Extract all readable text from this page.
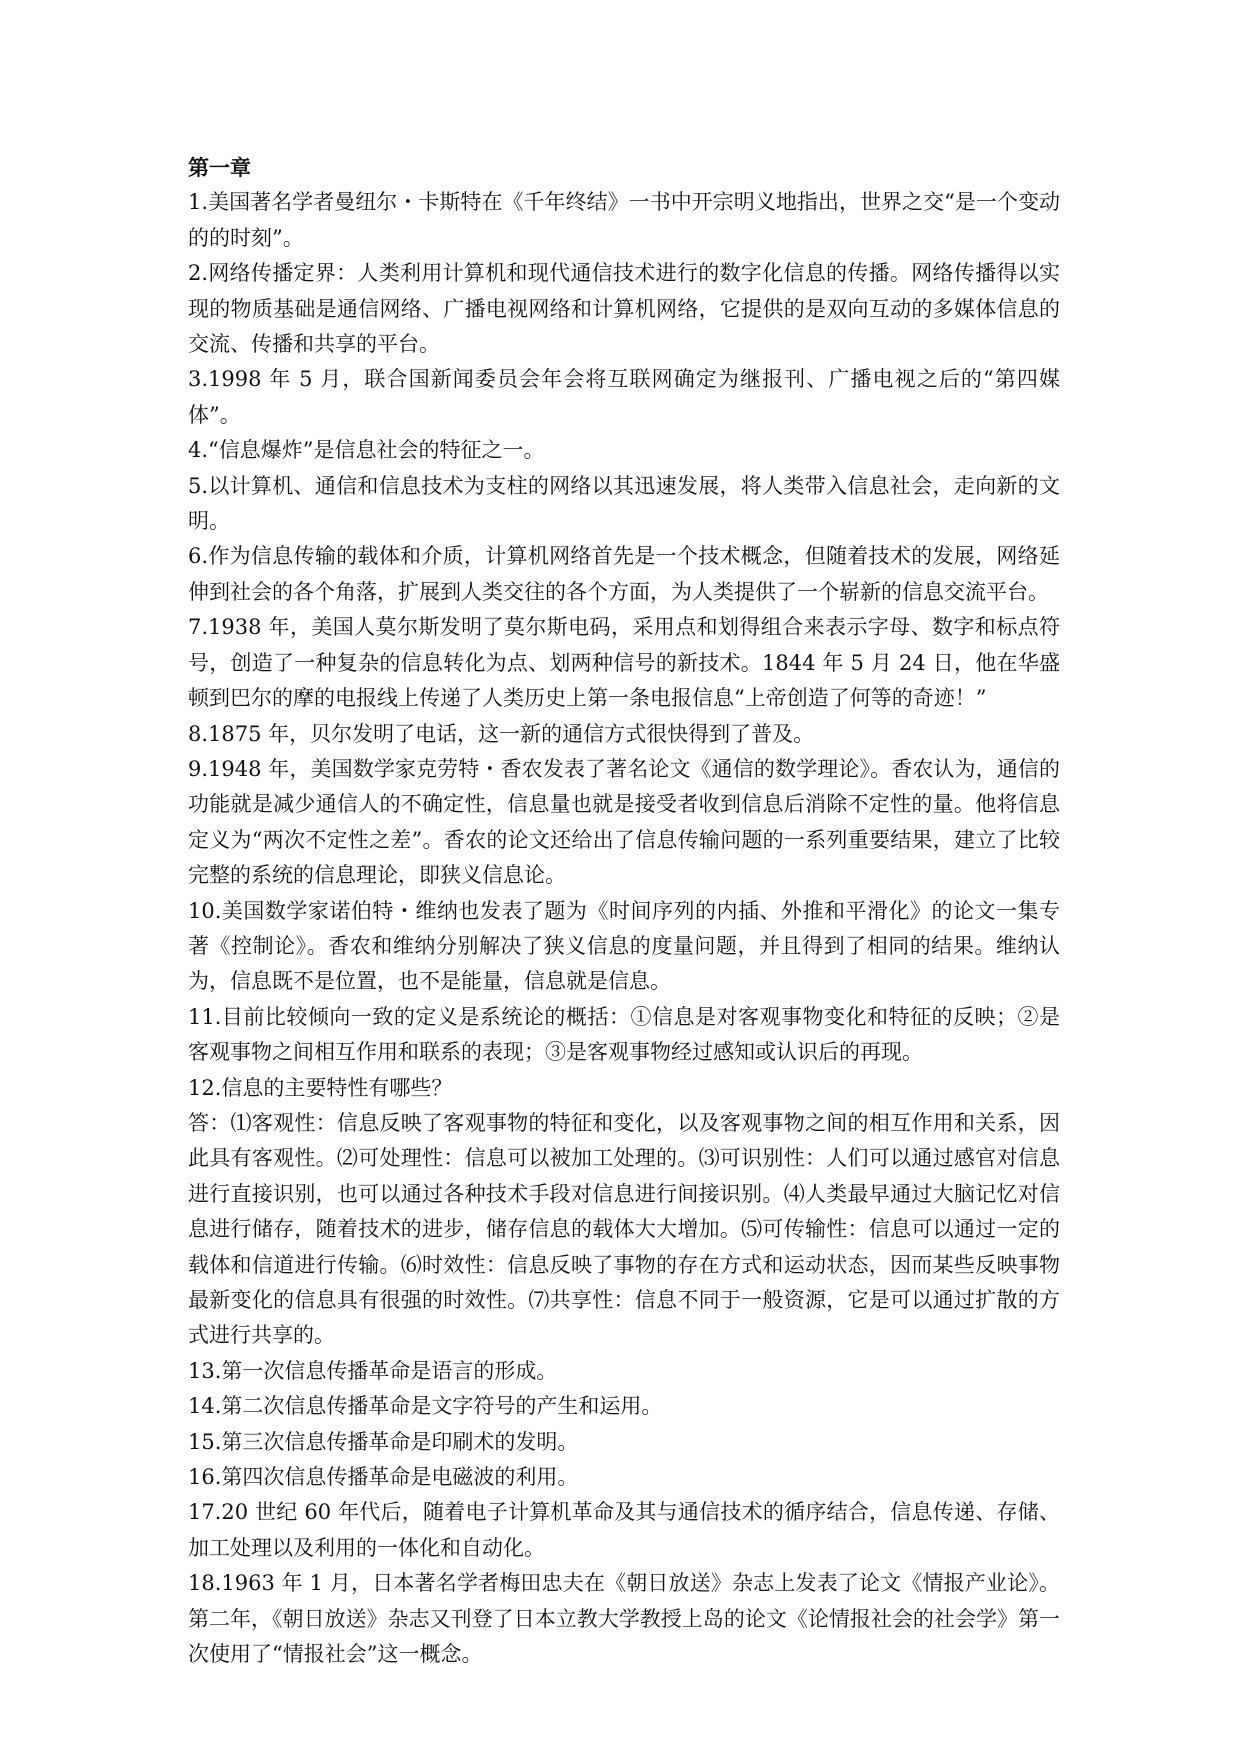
第一章

1.美国著名学者曼纽尔・卡斯特在《千年终结》一书中开宗明义地指出，世界之交“是一个变动的的时刻”。

2.网络传播定界：人类利用计算机和现代通信技术进行的数字化信息的传播。网络传播得以实现的物质基础是通信网络、广播电视网络和计算机网络，它提供的是双向互动的多媒体信息的交流、传播和共享的平台。

3.1998 年 5 月，联合国新闻委员会年会将互联网确定为继报刊、广播电视之后的“第四媒体”。

4.“信息爆炸”是信息社会的特征之一。

5.以计算机、通信和信息技术为支柱的网络以其迅速发展，将人类带入信息社会，走向新的文明。

6.作为信息传输的载体和介质，计算机网络首先是一个技术概念，但随着技术的发展，网络延伸到社会的各个角落，扩展到人类交往的各个方面，为人类提供了一个崭新的信息交流平台。

7.1938 年，美国人莫尔斯发明了莫尔斯电码，采用点和划得组合来表示字母、数字和标点符号，创造了一种复杂的信息转化为点、划两种信号的新技术。1844 年 5 月 24 日，他在华盛顿到巴尔的摩的电报线上传递了人类历史上第一条电报信息“上帝创造了何等的奇迹！”

8.1875 年，贝尔发明了电话，这一新的通信方式很快得到了普及。

9.1948 年，美国数学家克劳特・香农发表了著名论文《通信的数学理论》。香农认为，通信的功能就是减少通信人的不确定性，信息量也就是接受者收到信息后消除不定性的量。他将信息定义为“两次不定性之差”。香农的论文还给出了信息传输问题的一系列重要结果，建立了比较完整的系统的信息理论，即狭义信息论。

10.美国数学家诺伯特・维纳也发表了题为《时间序列的内插、外推和平滑化》的论文一集专著《控制论》。香农和维纳分别解决了狭义信息的度量问题，并且得到了相同的结果。维纳认为，信息既不是位置，也不是能量，信息就是信息。

11.目前比较倾向一致的定义是系统论的概括：①信息是对客观事物变化和特征的反映；②是客观事物之间相互作用和联系的表现；③是客观事物经过感知或认识后的再现。

12.信息的主要特性有哪些？

答：⑴客观性：信息反映了客观事物的特征和变化，以及客观事物之间的相互作用和关系，因此具有客观性。⑵可处理性：信息可以被加工处理的。⑶可识别性：人们可以通过感官对信息进行直接识别，也可以通过各种技术手段对信息进行间接识别。⑷人类最早通过大脑记忆对信息进行储存，随着技术的进步，储存信息的载体大大增加。⑸可传输性：信息可以通过一定的载体和信道进行传输。⑹时效性：信息反映了事物的存在方式和运动状态，因而某些反映事物最新变化的信息具有很强的时效性。⑺共享性：信息不同于一般资源，它是可以通过扩散的方式进行共享的。

13.第一次信息传播革命是语言的形成。

14.第二次信息传播革命是文字符号的产生和运用。

15.第三次信息传播革命是印刷术的发明。

16.第四次信息传播革命是电磁波的利用。

17.20 世纪 60 年代后，随着电子计算机革命及其与通信技术的循序结合，信息传递、存储、加工处理以及利用的一体化和自动化。

18.1963 年 1 月，日本著名学者梅田忠夫在《朝日放送》杂志上发表了论文《情报产业论》。第二年，《朝日放送》杂志又刊登了日本立教大学教授上岛的论文《论情报社会的社会学》第一次使用了“情报社会”这一概念。
